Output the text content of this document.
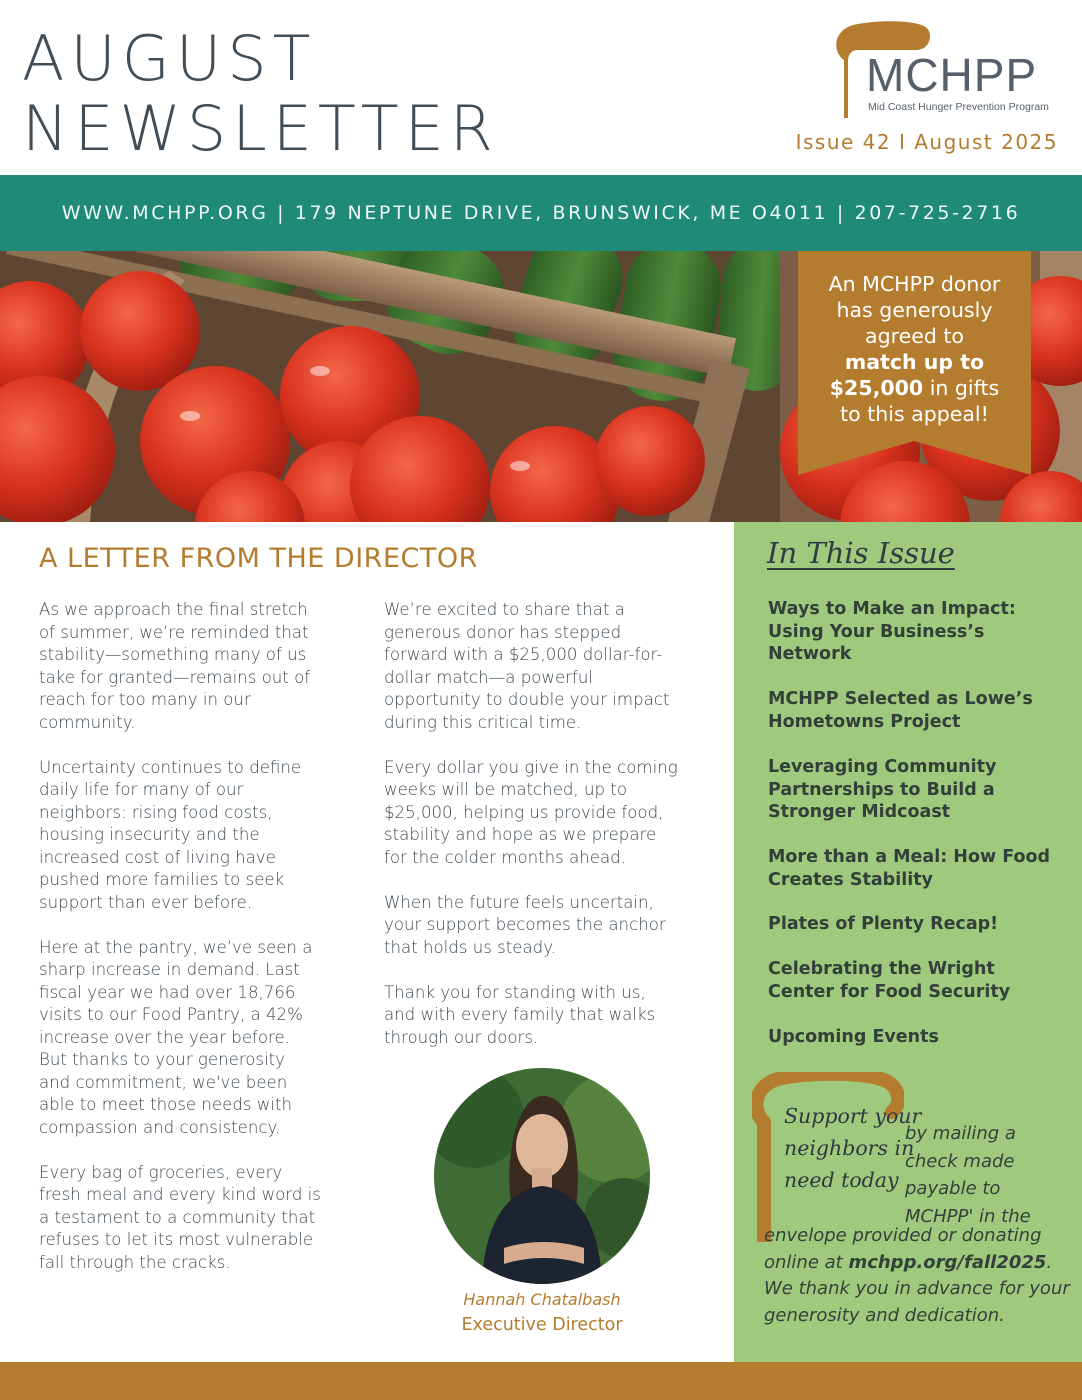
AUGUST
NEWSLETTER
MCHPP
Mid Coast Hunger Prevention Program
Issue 42 I August 2025
WWW.MCHPP.ORG | 179 NEPTUNE DRIVE, BRUNSWICK, ME O4011 | 207-725-2716
An MCHPP donor
has generously
agreed to
match up to
$25,000 in gifts
to this appeal!
A LETTER FROM THE DIRECTOR

As we approach the final stretch
of summer, we’re reminded that
stability—something many of us
take for granted—remains out of
reach for too many in our
community.

Uncertainty continues to define
daily life for many of our
neighbors: rising food costs,
housing insecurity and the
increased cost of living have
pushed more families to seek
support than ever before.

Here at the pantry, we’ve seen a
sharp increase in demand. Last
fiscal year we had over 18,766
visits to our Food Pantry, a 42%
increase over the year before.
But thanks to your generosity
and commitment, we've been
able to meet those needs with
compassion and consistency.

Every bag of groceries, every
fresh meal and every kind word is
a testament to a community that
refuses to let its most vulnerable
fall through the cracks.

We’re excited to share that a
generous donor has stepped
forward with a $25,000 dollar-for-
dollar match—a powerful
opportunity to double your impact
during this critical time.

Every dollar you give in the coming
weeks will be matched, up to
$25,000, helping us provide food,
stability and hope as we prepare
for the colder months ahead.

When the future feels uncertain,
your support becomes the anchor
that holds us steady.

Thank you for standing with us,
and with every family that walks
through our doors.

Hannah Chatalbash
Executive Director
In This Issue
Ways to Make an Impact:
Using Your Business’s
Network
MCHPP Selected as Lowe’s
Hometowns Project
Leveraging Community
Partnerships to Build a
Stronger Midcoast
More than a Meal: How Food
Creates Stability
Plates of Plenty Recap!
Celebrating the Wright
Center for Food Security
Upcoming Events
Support your
neighbors in
need today
by mailing a
check made
payable to
MCHPP' in the
envelope provided or donating online at mchpp.org/fall2025. We thank you in advance for your generosity and dedication.
